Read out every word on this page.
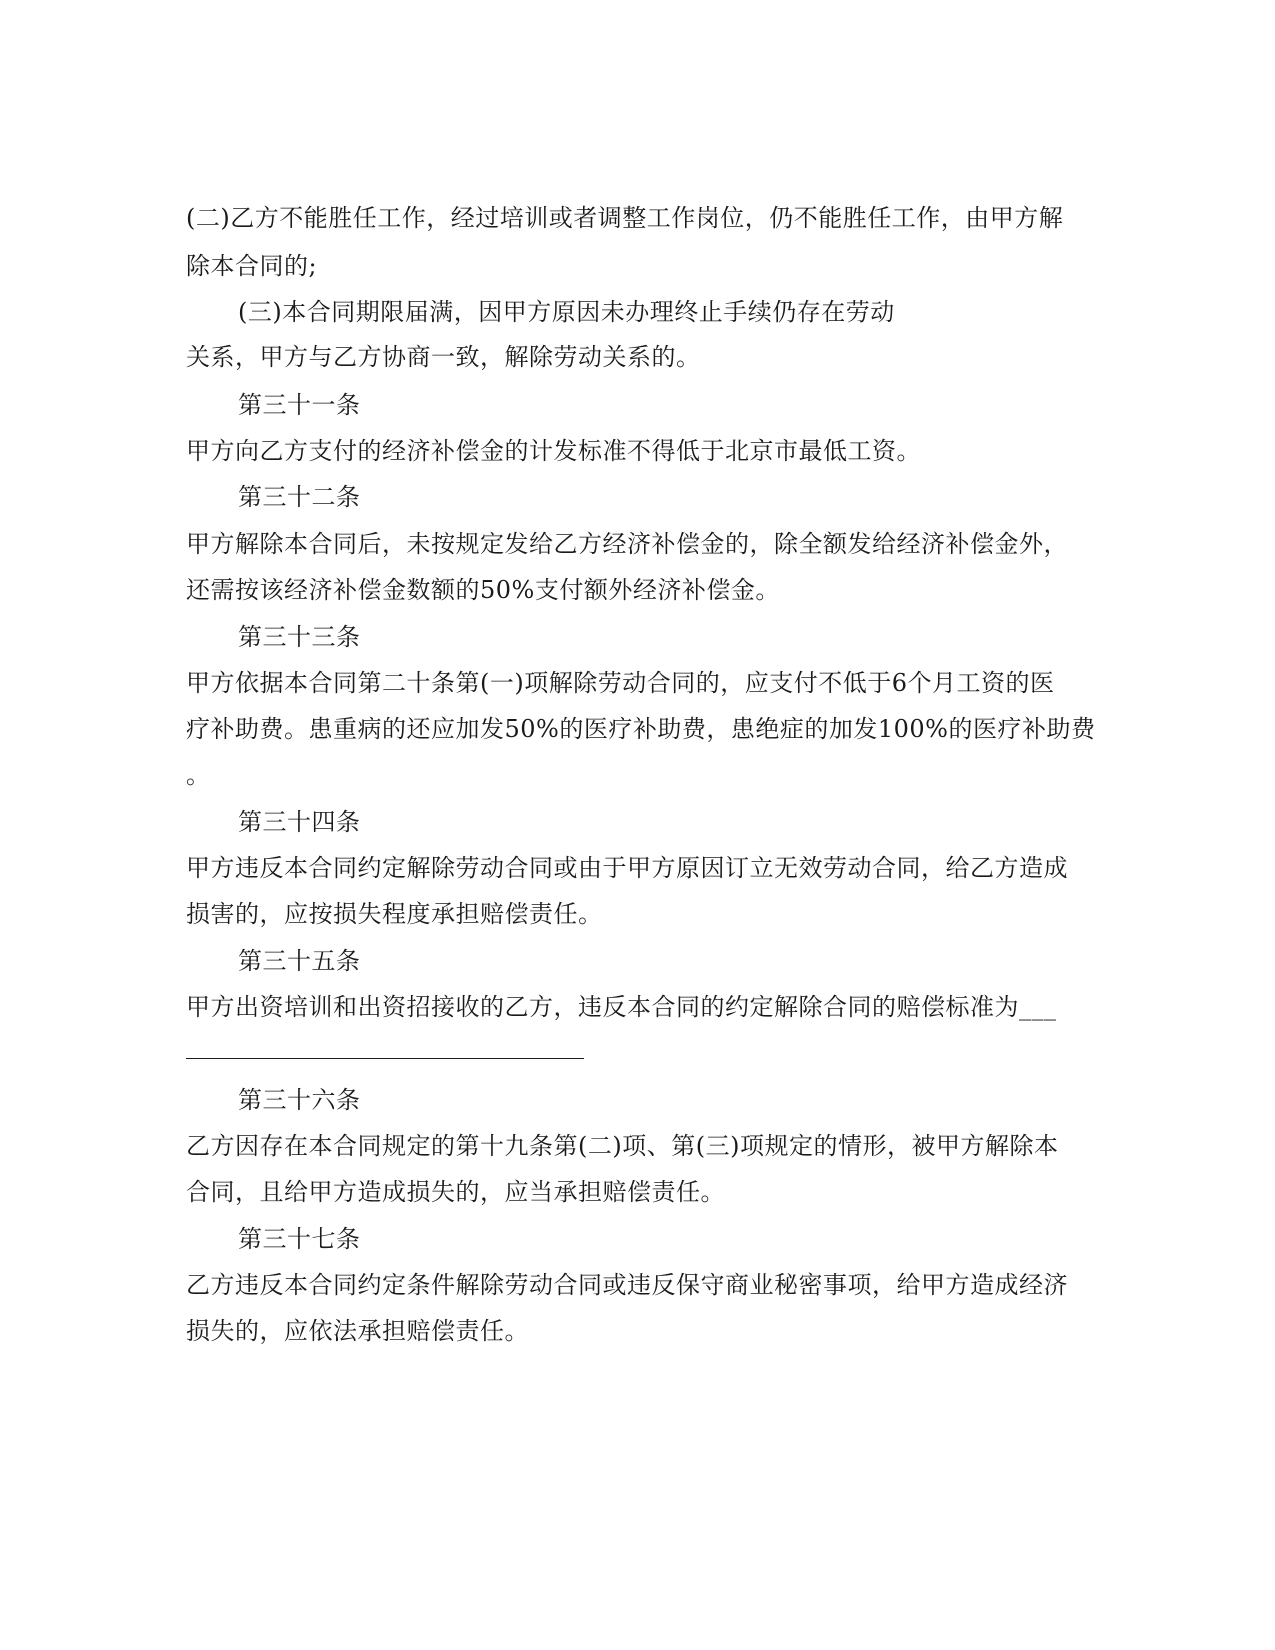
(二)乙方不能胜任工作，经过培训或者调整工作岗位，仍不能胜任工作，由甲方解
除本合同的;
(三)本合同期限届满，因甲方原因未办理终止手续仍存在劳动
关系，甲方与乙方协商一致，解除劳动关系的。
第三十一条
甲方向乙方支付的经济补偿金的计发标准不得低于北京市最低工资。
第三十二条
甲方解除本合同后，未按规定发给乙方经济补偿金的，除全额发给经济补偿金外，
还需按该经济补偿金数额的50%支付额外经济补偿金。
第三十三条
甲方依据本合同第二十条第(一)项解除劳动合同的，应支付不低于6个月工资的医
疗补助费。患重病的还应加发50%的医疗补助费，患绝症的加发100%的医疗补助费
。
第三十四条
甲方违反本合同约定解除劳动合同或由于甲方原因订立无效劳动合同，给乙方造成
损害的，应按损失程度承担赔偿责任。
第三十五条
甲方出资培训和出资招接收的乙方，违反本合同的约定解除合同的赔偿标准为___
第三十六条
乙方因存在本合同规定的第十九条第(二)项、第(三)项规定的情形，被甲方解除本
合同，且给甲方造成损失的，应当承担赔偿责任。
第三十七条
乙方违反本合同约定条件解除劳动合同或违反保守商业秘密事项，给甲方造成经济
损失的，应依法承担赔偿责任。
